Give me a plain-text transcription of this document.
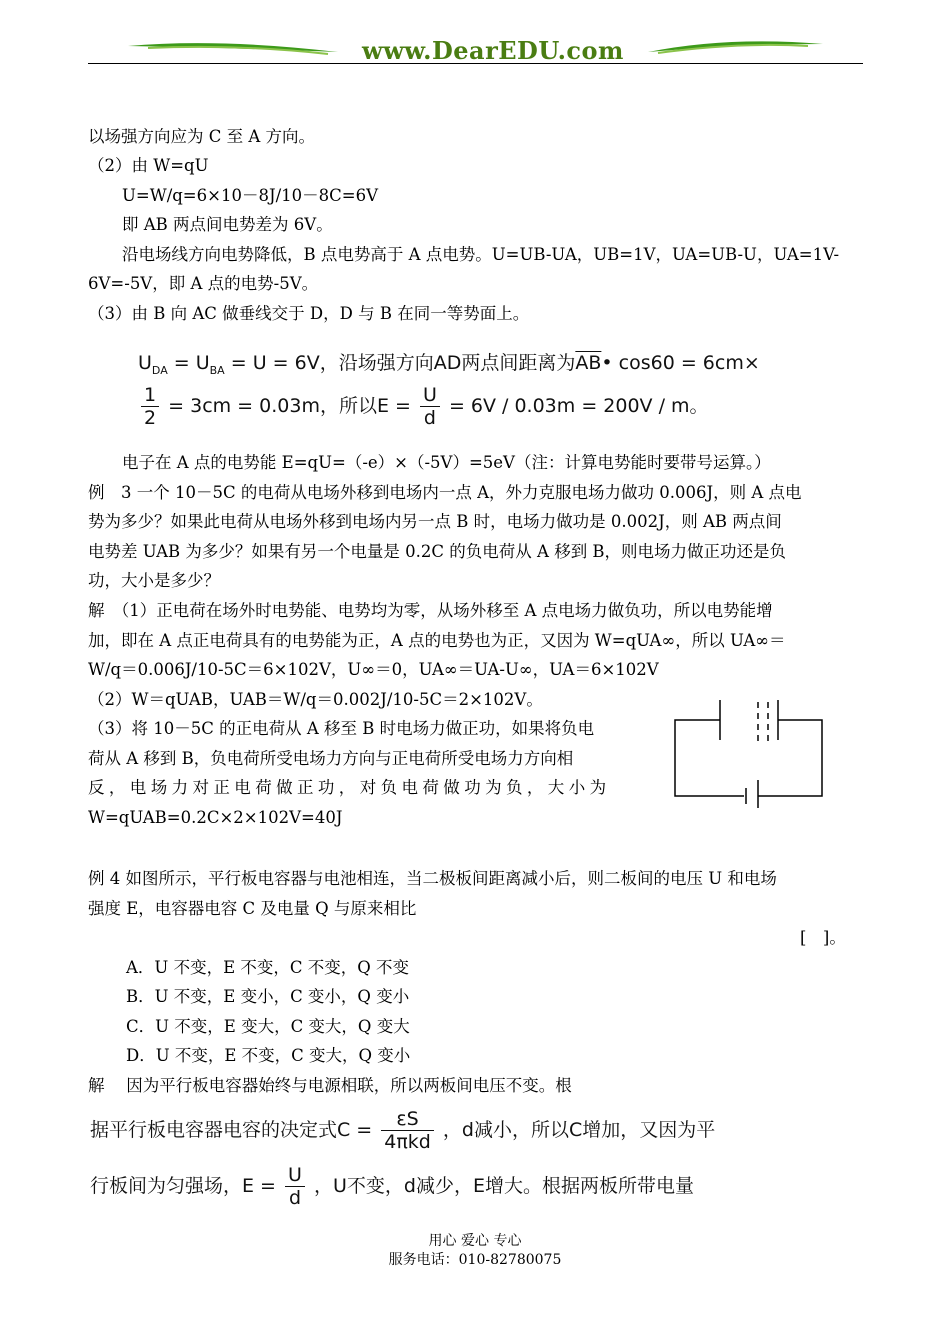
www.DearEDU.com
以场强方向应为 C 至 A 方向。
（2）由 W=qU
U=W/q=6×10－8J/10－8C=6V
即 AB 两点间电势差为 6V。
沿电场线方向电势降低，B 点电势高于 A 点电势。U=UB-UA，UB=1V，UA=UB-U，UA=1V-
6V=-5V，即 A 点的电势-5V。
（3）由 B 向 AC 做垂线交于 D，D 与 B 在同一等势面上。
$U_{DA} = U_{BA} = U = 6V$，沿场强方向AD两点间距离为$\overline{AB}•$ cos60 = 6cm×
$\frac{1}{2} = 3cm = 0.03m$，所以$E = \frac{U}{d} = 6V / 0.03m = 200V / m$。
电子在 A 点的电势能 E=qU=（-e）×（-5V）=5eV（注：计算电势能时要带号运算。）
例　3 一个 10－5C 的电荷从电场外移到电场内一点 A，外力克服电场力做功 0.006J，则 A 点电
势为多少？如果此电荷从电场外移到电场内另一点 B 时，电场力做功是 0.002J，则 AB 两点间
电势差 UAB 为多少？如果有另一个电量是 0.2C 的负电荷从 A 移到 B，则电场力做正功还是负
功，大小是多少？
解　（1）正电荷在场外时电势能、电势均为零，从场外移至 A 点电场力做负功，所以电势能增
加，即在 A 点正电荷具有的电势能为正，A 点的电势也为正，又因为 W=qUA∞，所以 UA∞＝
W/q＝0.006J/10-5C＝6×102V，U∞＝0，UA∞＝UA-U∞，UA＝6×102V
（2）W＝qUAB，UAB＝W/q＝0.002J/10-5C＝2×102V。
（3）将 10－5C 的正电荷从 A 移至 B 时电场力做正功，如果将负电
荷从 A 移到 B，负电荷所受电场力方向与正电荷所受电场力方向相
反，电场力对正电荷做正功，对负电荷做功为负，大小为
W=qUAB=0.2C×2×102V=40J
例 4 如图所示，平行板电容器与电池相连，当二极板间距离减小后，则二板间的电压 U 和电场
强度 E，电容器电容 C 及电量 Q 与原来相比
[　]。
A．U 不变，E 不变，C 不变，Q 不变
B．U 不变，E 变小，C 变小，Q 变小
C．U 不变，E 变大，C 变大，Q 变大
D．U 不变，E 不变，C 变大，Q 变小
解　 因为平行板电容器始终与电源相联，所以两板间电压不变。根
据平行板电容器电容的决定式$C = \frac{\varepsilon S}{\text{4πkd}}$ ，d减小，所以C增加，又因为平
行板间为匀强场，$E = \frac{U}{d}$ ，U不变，d减少，E增大。根据两板所带电量
用心 爱心 专心
服务电话：010-82780075
